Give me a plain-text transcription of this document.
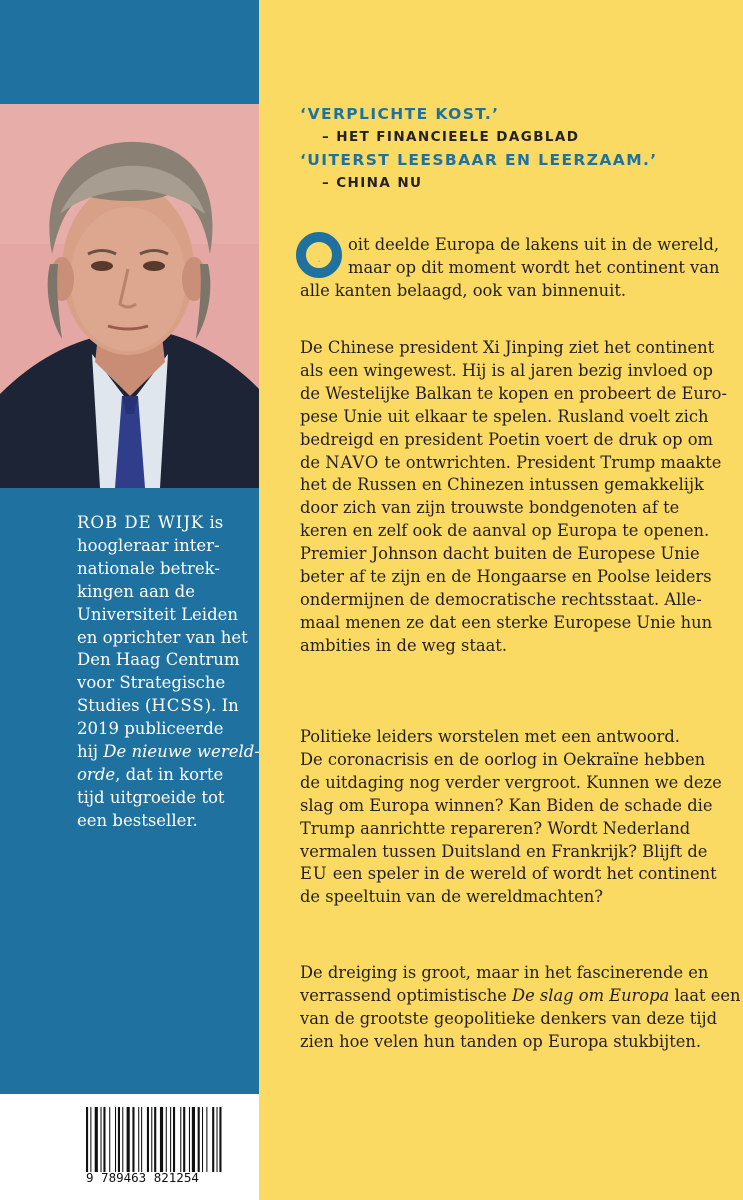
ROB DE WIJK is
hoogleraar inter-
nationale betrek-
kingen aan de
Universiteit Leiden
en oprichter van het
Den Haag Centrum
voor Strategische
Studies (HCSS). In
2019 publiceerde
hij De nieuwe wereld-
orde, dat in korte
tijd uitgroeide tot
een bestseller.
‘VERPLICHTE KOST.’
– HET FINANCIEELE DAGBLAD
‘UITERST LEESBAAR EN LEERZAAM.’
– CHINA NU
O
oit deelde Europa de lakens uit in de wereld,
maar op dit moment wordt het continent van
alle kanten belaagd, ook van binnenuit.
De Chinese president Xi Jinping ziet het continent
als een wingewest. Hij is al jaren bezig invloed op
de Westelijke Balkan te kopen en probeert de Euro-
pese Unie uit elkaar te spelen. Rusland voelt zich
bedreigd en president Poetin voert de druk op om
de NAVO te ontwrichten. President Trump maakte
het de Russen en Chinezen intussen gemakkelijk
door zich van zijn trouwste bondgenoten af te
keren en zelf ook de aanval op Europa te openen.
Premier Johnson dacht buiten de Europese Unie
beter af te zijn en de Hongaarse en Poolse leiders
ondermijnen de democratische rechtsstaat. Alle-
maal menen ze dat een sterke Europese Unie hun
ambities in de weg staat.
Politieke leiders worstelen met een antwoord.
De coronacrisis en de oorlog in Oekraïne hebben
de uitdaging nog verder vergroot. Kunnen we deze
slag om Europa winnen? Kan Biden de schade die
Trump aanrichtte repareren? Wordt Nederland
vermalen tussen Duitsland en Frankrijk? Blijft de
EU een speler in de wereld of wordt het continent
de speeltuin van de wereldmachten?
De dreiging is groot, maar in het fascinerende en
verrassend optimistische De slag om Europa laat een
van de grootste geopolitieke denkers van deze tijd
zien hoe velen hun tanden op Europa stukbijten.
9 789463 821254
